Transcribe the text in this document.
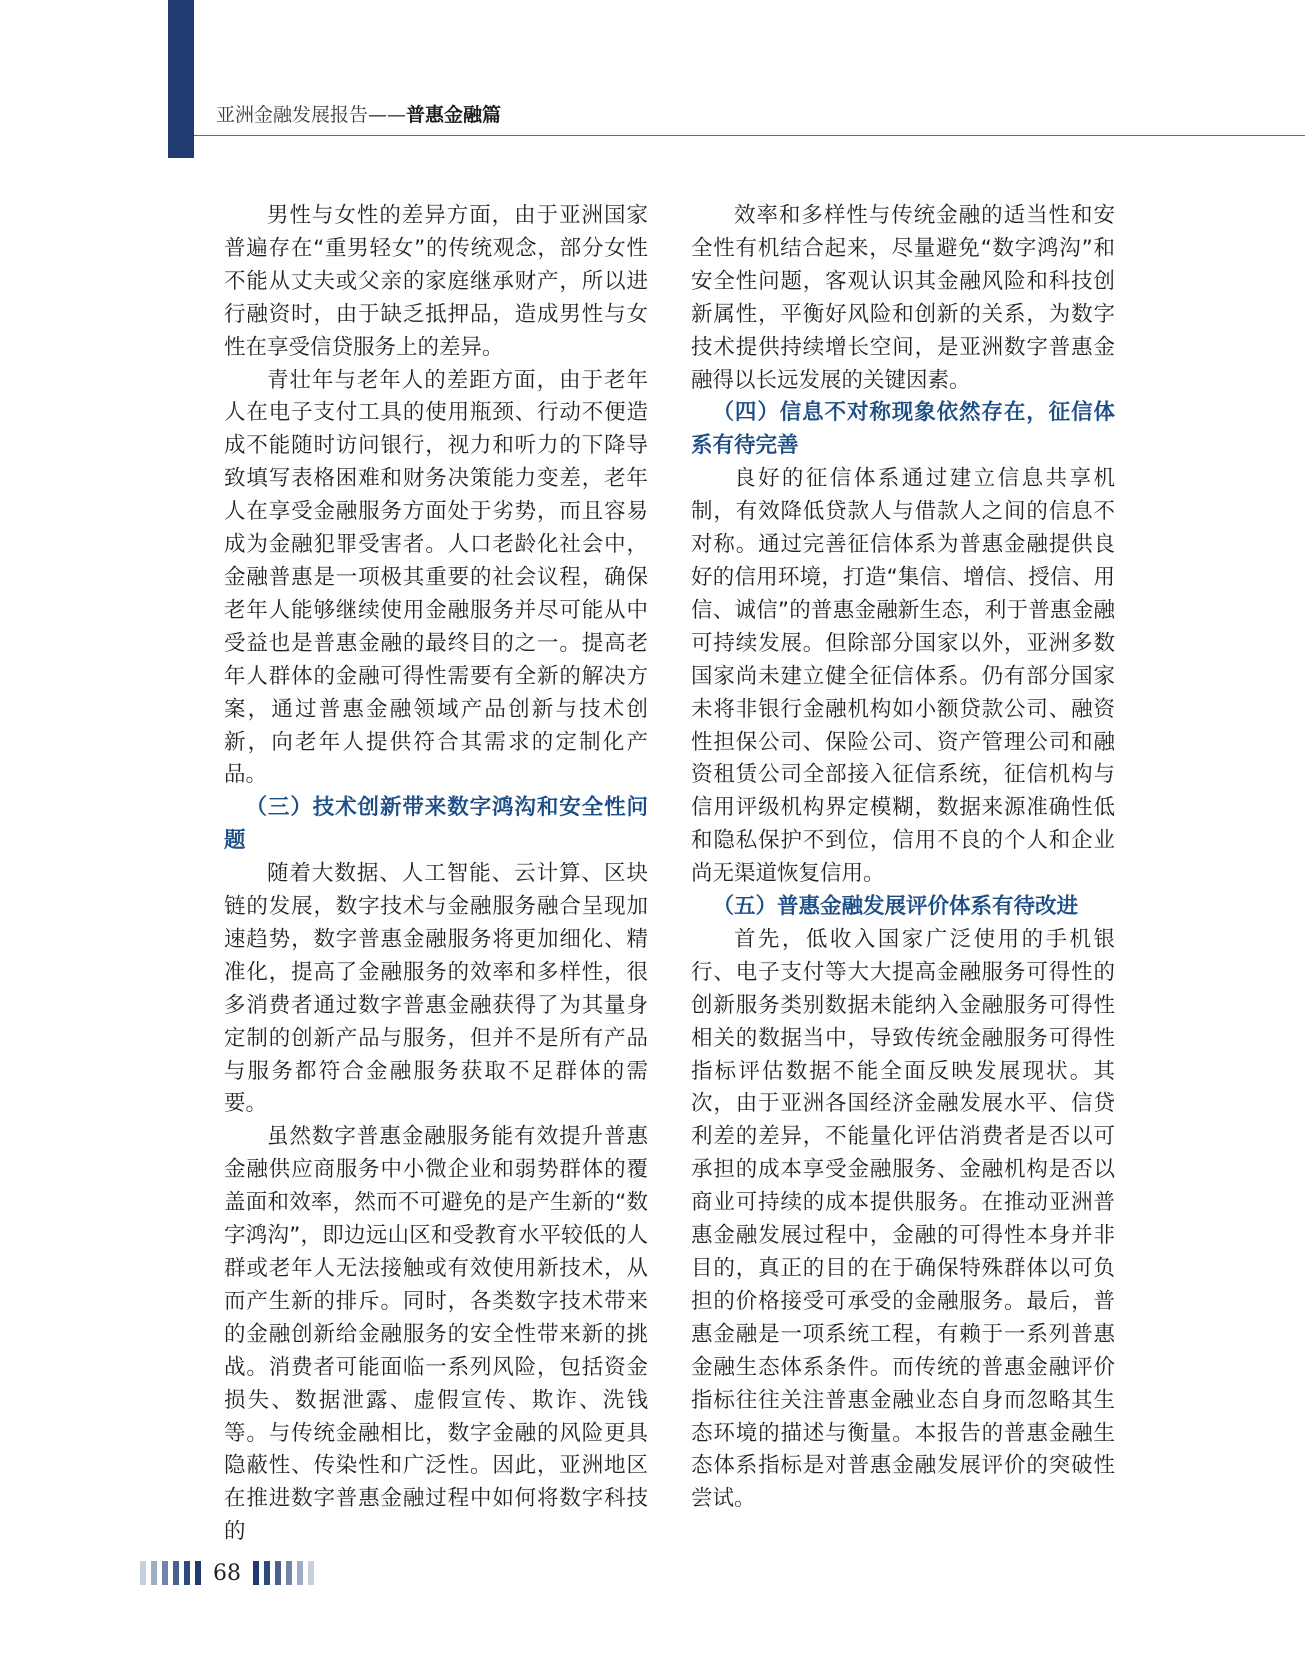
亚洲金融发展报告——普惠金融篇

男性与女性的差异方面，由于亚洲国家普遍存在“重男轻女”的传统观念，部分女性不能从丈夫或父亲的家庭继承财产，所以进行融资时，由于缺乏抵押品，造成男性与女性在享受信贷服务上的差异。

青壮年与老年人的差距方面，由于老年人在电子支付工具的使用瓶颈、行动不便造成不能随时访问银行，视力和听力的下降导致填写表格困难和财务决策能力变差，老年人在享受金融服务方面处于劣势，而且容易成为金融犯罪受害者。人口老龄化社会中，金融普惠是一项极其重要的社会议程，确保老年人能够继续使用金融服务并尽可能从中受益也是普惠金融的最终目的之一。提高老年人群体的金融可得性需要有全新的解决方案，通过普惠金融领域产品创新与技术创新，向老年人提供符合其需求的定制化产品。

（三）技术创新带来数字鸿沟和安全性问题

随着大数据、人工智能、云计算、区块链的发展，数字技术与金融服务融合呈现加速趋势，数字普惠金融服务将更加细化、精准化，提高了金融服务的效率和多样性，很多消费者通过数字普惠金融获得了为其量身定制的创新产品与服务，但并不是所有产品与服务都符合金融服务获取不足群体的需要。

虽然数字普惠金融服务能有效提升普惠金融供应商服务中小微企业和弱势群体的覆盖面和效率，然而不可避免的是产生新的“数字鸿沟”，即边远山区和受教育水平较低的人群或老年人无法接触或有效使用新技术，从而产生新的排斥。同时，各类数字技术带来的金融创新给金融服务的安全性带来新的挑战。消费者可能面临一系列风险，包括资金损失、数据泄露、虚假宣传、欺诈、洗钱等。与传统金融相比，数字金融的风险更具隐蔽性、传染性和广泛性。因此，亚洲地区在推进数字普惠金融过程中如何将数字科技的

效率和多样性与传统金融的适当性和安全性有机结合起来，尽量避免“数字鸿沟”和安全性问题，客观认识其金融风险和科技创新属性，平衡好风险和创新的关系，为数字技术提供持续增长空间，是亚洲数字普惠金融得以长远发展的关键因素。

（四）信息不对称现象依然存在，征信体系有待完善

良好的征信体系通过建立信息共享机制，有效降低贷款人与借款人之间的信息不对称。通过完善征信体系为普惠金融提供良好的信用环境，打造“集信、增信、授信、用信、诚信”的普惠金融新生态，利于普惠金融可持续发展。但除部分国家以外，亚洲多数国家尚未建立健全征信体系。仍有部分国家未将非银行金融机构如小额贷款公司、融资性担保公司、保险公司、资产管理公司和融资租赁公司全部接入征信系统，征信机构与信用评级机构界定模糊，数据来源准确性低和隐私保护不到位，信用不良的个人和企业尚无渠道恢复信用。

（五）普惠金融发展评价体系有待改进

首先，低收入国家广泛使用的手机银行、电子支付等大大提高金融服务可得性的创新服务类别数据未能纳入金融服务可得性相关的数据当中，导致传统金融服务可得性指标评估数据不能全面反映发展现状。其次，由于亚洲各国经济金融发展水平、信贷利差的差异，不能量化评估消费者是否以可承担的成本享受金融服务、金融机构是否以商业可持续的成本提供服务。在推动亚洲普惠金融发展过程中，金融的可得性本身并非目的，真正的目的在于确保特殊群体以可负担的价格接受可承受的金融服务。最后，普惠金融是一项系统工程，有赖于一系列普惠金融生态体系条件。而传统的普惠金融评价指标往往关注普惠金融业态自身而忽略其生态环境的描述与衡量。本报告的普惠金融生态体系指标是对普惠金融发展评价的突破性尝试。

68
